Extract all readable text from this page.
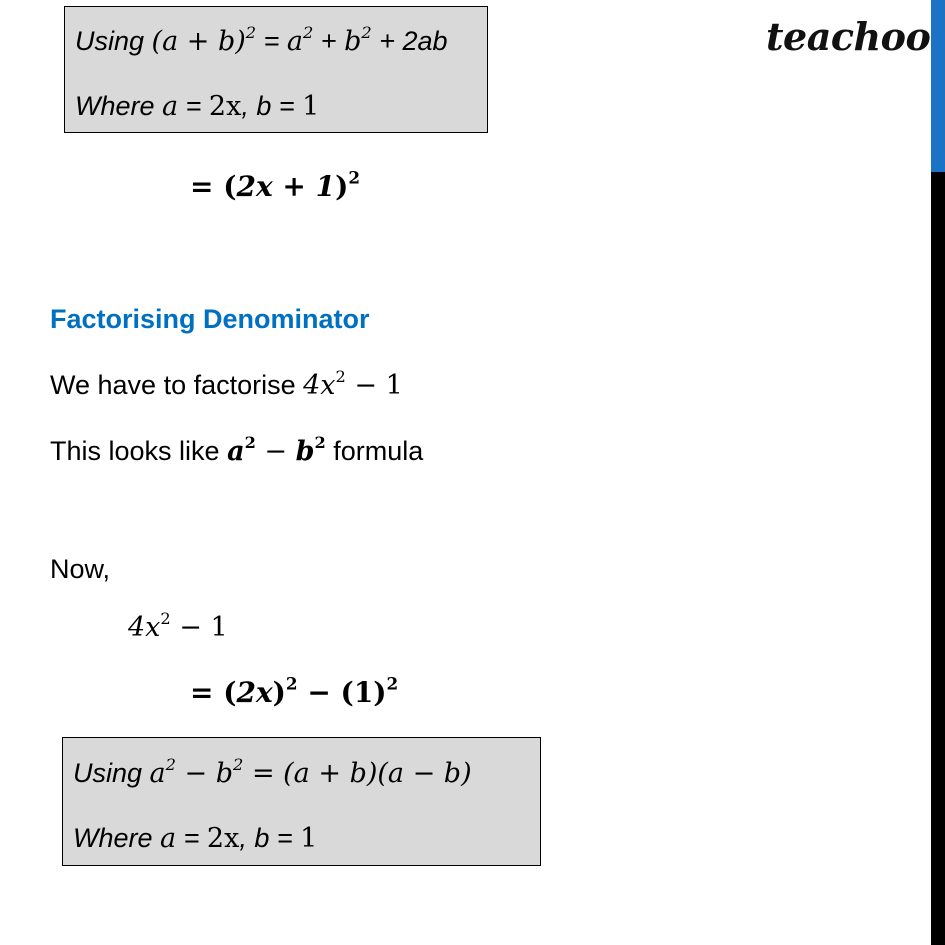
teachoo
Using $(a + b)^2 = a^2 + b^2 + 2ab$
Where a = 2x, b = 1
= $(2x + 1)^2$
Factorising Denominator
We have to factorise $4x^2 - 1$
This looks like $a^2 - b^2$ formula
Now,
$4x^2 - 1$
= $(2x)^2 - (1)^2$
Using $a^2 - b^2 = (a + b)(a - b)$
Where a = 2x, b = 1
